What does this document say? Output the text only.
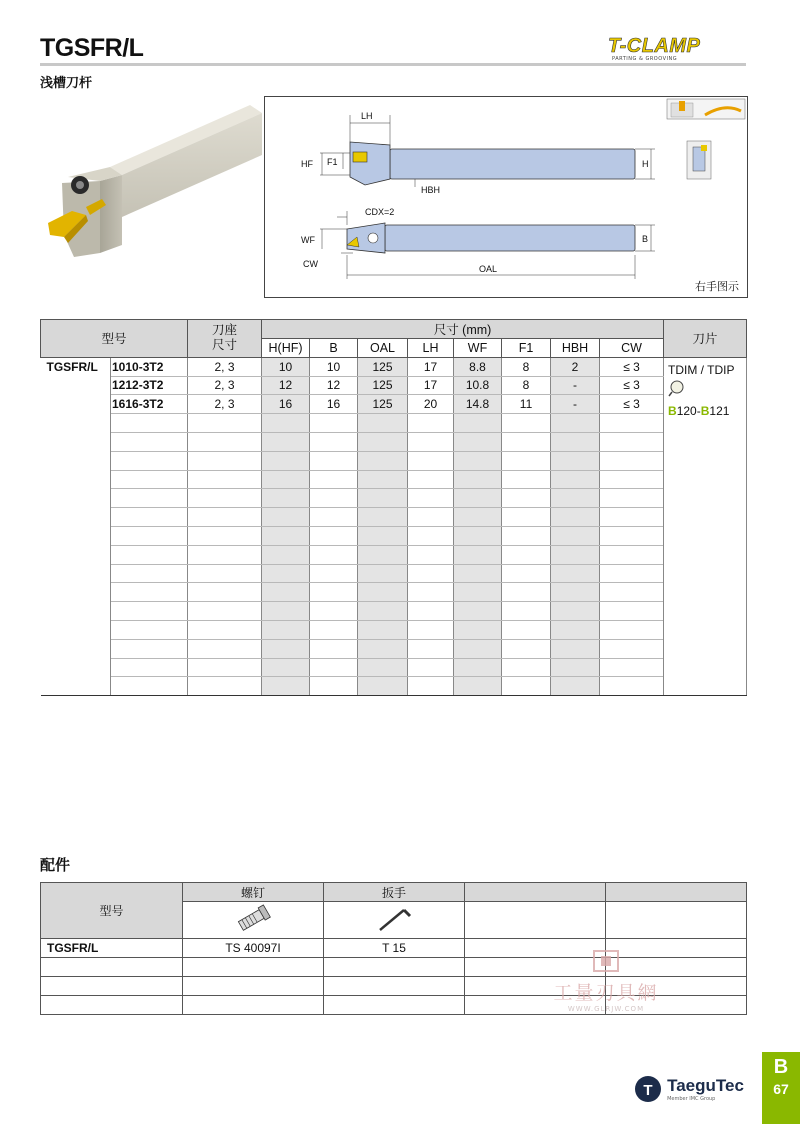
TGSFR/L
浅槽刀杆
T-CLAMP
PARTING & GROOVING
LH
HF F1	H
HBH
CDX=2
WF	B
CW	OAL
右手图示
型号		刀座
尺寸	尺寸 (mm)								刀片
			H(HF)	B	OAL	LH	WF	F1	HBH	CW	
TGSFR/L	1010-3T2	2, 3	10	10	125	17	8.8	8	2	≤ 3	TDIM / TDIP
B120-B121

	1212-3T2	2, 3	12	12	125	17	10.8	8	-	≤ 3	
	1616-3T2	2, 3	16	16	125	20	14.8	11	-	≤ 3	

配件
型号	螺钉	扳手		

TGSFR/L	TS 40097I	T 15		

工量刃具網
WWW.GLRJW.COM
T
TaeguTec
Member IMC Group
B
67
